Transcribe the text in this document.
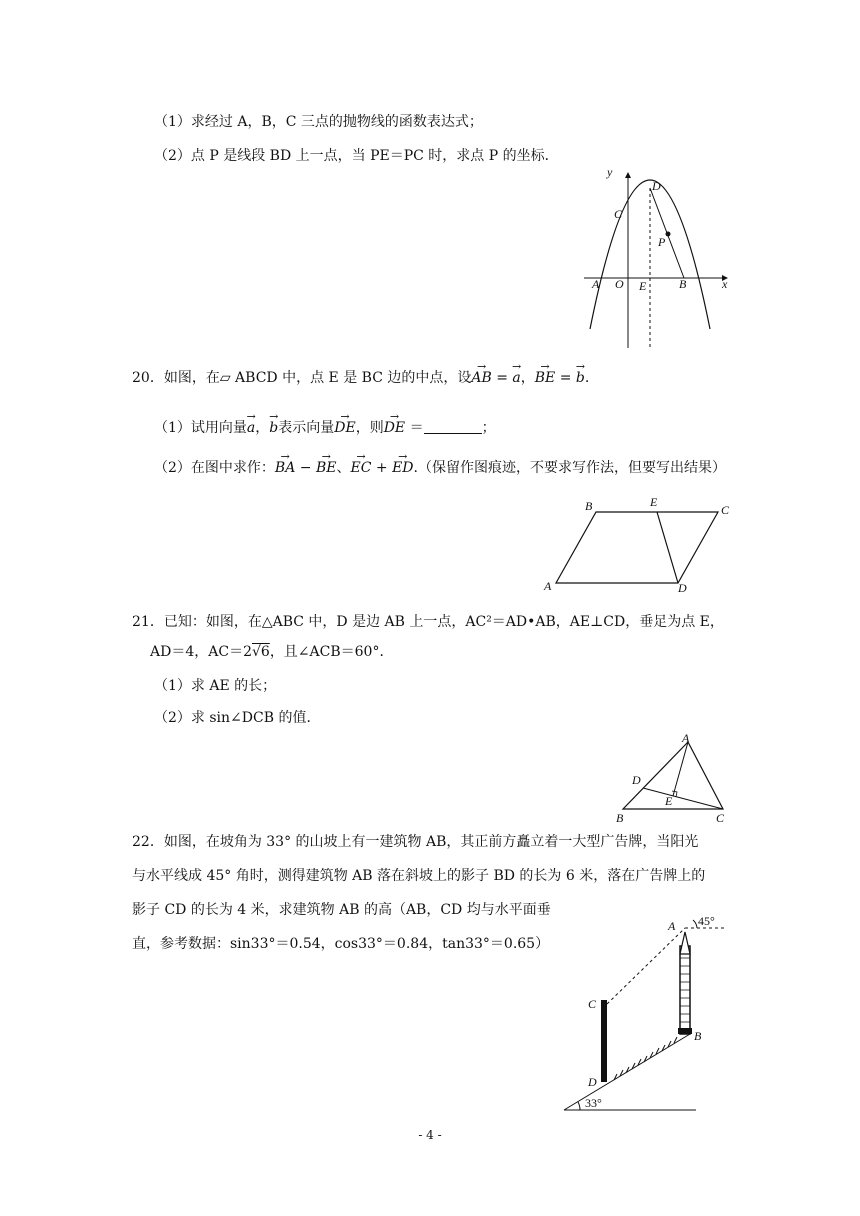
（1）求经过 A，B，C 三点的抛物线的函数表达式；
（2）点 P 是线段 BD 上一点，当 PE＝PC 时，求点 P 的坐标．
y
x
A O E	B
C
D
P
20．如图，在▱ ABCD 中，点 E 是 BC 边的中点，设→ AB = → a，→ BE = → b.
（1）试用向量→ a，→ b表示向量→ DE，则→ DE ＝	；
（2）在图中求作：→ BA − → BE、→ EC + → ED.（保留作图痕迹，不要求写作法，但要写出结果）
B	E
C
A	D
21．已知：如图，在△ABC 中，D 是边 AB 上一点，AC²＝AD•AB，AE⊥CD，垂足为点 E，
AD＝4，AC＝2√6，且∠ACB＝60°．
（1）求 AE 的长；
（2）求 sin∠DCB 的值．
A
D
E
B	C
22．如图，在坡角为 33° 的山坡上有一建筑物 AB，其正前方矗立着一大型广告牌，当阳光
与水平线成 45° 角时，测得建筑物 AB 落在斜坡上的影子 BD 的长为 6 米，落在广告牌上的
影子 CD 的长为 4 米，求建筑物 AB 的高（AB，CD 均与水平面垂
直，参考数据：sin33°＝0.54，cos33°＝0.84，tan33°＝0.65）
33°
C
D
A
B
45°
- 4 -
